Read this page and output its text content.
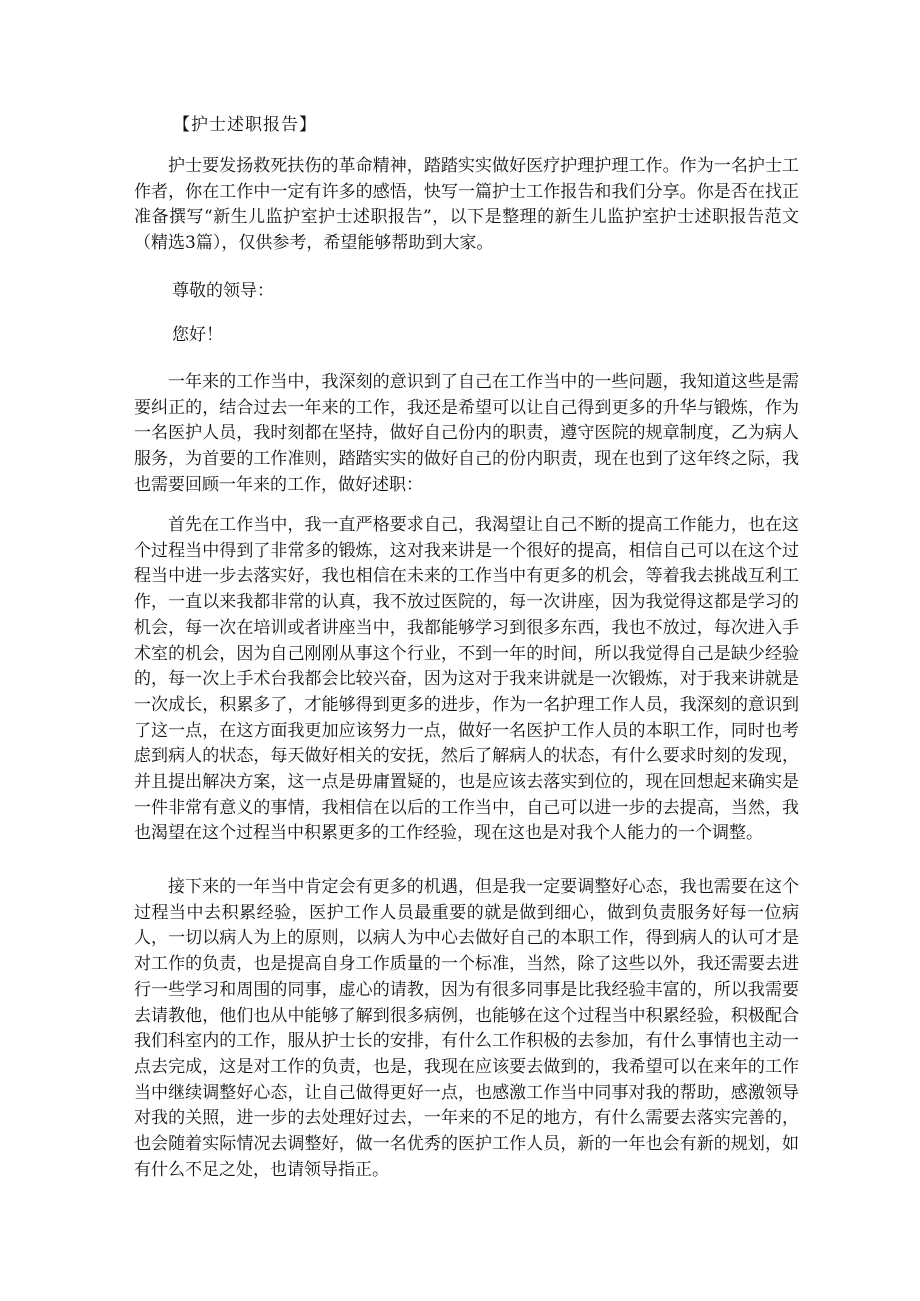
【护士述职报告】

护士要发扬救死扶伤的革命精神，踏踏实实做好医疗护理护理工作。作为一名护士工作者，你在工作中一定有许多的感悟，快写一篇护士工作报告和我们分享。你是否在找正准备撰写“新生儿监护室护士述职报告”，以下是整理的新生儿监护室护士述职报告范文（精选3篇），仅供参考，希望能够帮助到大家。

尊敬的领导：

您好！

一年来的工作当中，我深刻的意识到了自己在工作当中的一些问题，我知道这些是需要纠正的，结合过去一年来的工作，我还是希望可以让自己得到更多的升华与锻炼，作为一名医护人员，我时刻都在坚持，做好自己份内的职责，遵守医院的规章制度，乙为病人服务，为首要的工作准则，踏踏实实的做好自己的份内职责，现在也到了这年终之际，我也需要回顾一年来的工作，做好述职：

首先在工作当中，我一直严格要求自己，我渴望让自己不断的提高工作能力，也在这个过程当中得到了非常多的锻炼，这对我来讲是一个很好的提高，相信自己可以在这个过程当中进一步去落实好，我也相信在未来的工作当中有更多的机会，等着我去挑战互利工作，一直以来我都非常的认真，我不放过医院的，每一次讲座，因为我觉得这都是学习的机会，每一次在培训或者讲座当中，我都能够学习到很多东西，我也不放过，每次进入手术室的机会，因为自己刚刚从事这个行业，不到一年的时间，所以我觉得自己是缺少经验的，每一次上手术台我都会比较兴奋，因为这对于我来讲就是一次锻炼，对于我来讲就是一次成长，积累多了，才能够得到更多的进步，作为一名护理工作人员，我深刻的意识到了这一点，在这方面我更加应该努力一点，做好一名医护工作人员的本职工作，同时也考虑到病人的状态，每天做好相关的安抚，然后了解病人的状态，有什么要求时刻的发现，并且提出解决方案，这一点是毋庸置疑的，也是应该去落实到位的，现在回想起来确实是一件非常有意义的事情，我相信在以后的工作当中，自己可以进一步的去提高，当然，我也渴望在这个过程当中积累更多的工作经验，现在这也是对我个人能力的一个调整。

接下来的一年当中肯定会有更多的机遇，但是我一定要调整好心态，我也需要在这个过程当中去积累经验，医护工作人员最重要的就是做到细心，做到负责服务好每一位病人，一切以病人为上的原则，以病人为中心去做好自己的本职工作，得到病人的认可才是对工作的负责，也是提高自身工作质量的一个标准，当然，除了这些以外，我还需要去进行一些学习和周围的同事，虚心的请教，因为有很多同事是比我经验丰富的，所以我需要去请教他，他们也从中能够了解到很多病例，也能够在这个过程当中积累经验，积极配合我们科室内的工作，服从护士长的安排，有什么工作积极的去参加，有什么事情也主动一点去完成，这是对工作的负责，也是，我现在应该要去做到的，我希望可以在来年的工作当中继续调整好心态，让自己做得更好一点，也感激工作当中同事对我的帮助，感激领导对我的关照，进一步的去处理好过去，一年来的不足的地方，有什么需要去落实完善的，也会随着实际情况去调整好，做一名优秀的医护工作人员，新的一年也会有新的规划，如有什么不足之处，也请领导指正。
